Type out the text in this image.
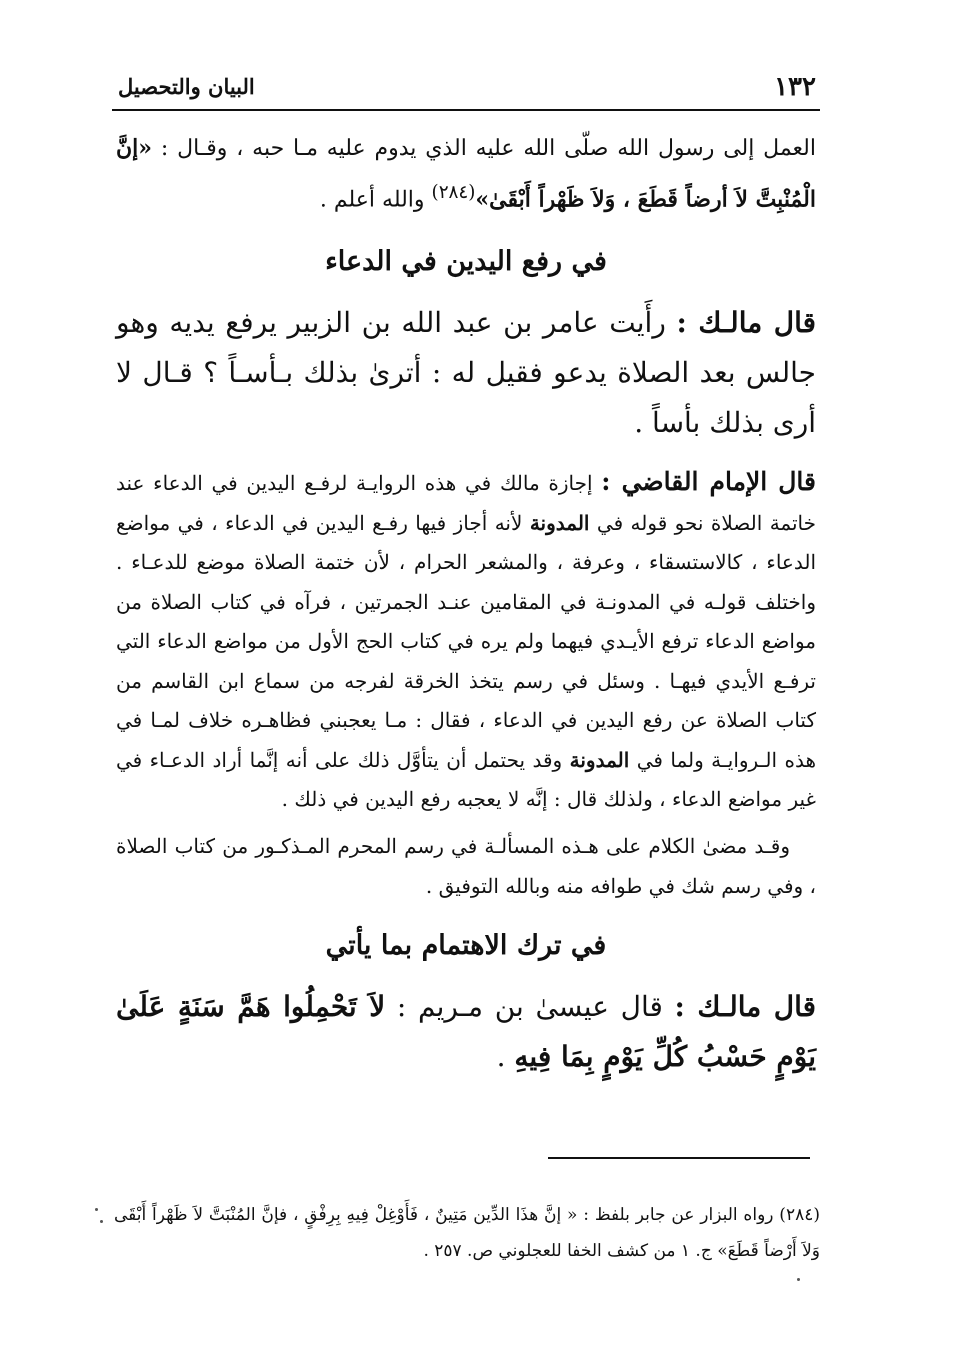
١٣٢
البيان والتحصيل

العمل إلى رسول الله صلّى الله عليه الذي يدوم عليه مـا حبه ، وقـال : «إنَّ الْمُنْبِتَّ لاَ أرضاً قَطَعَ ، وَلاَ ظَهْراً أَبْقَىٰ»$^{(٢٨٤)}$ والله أعلم .

في رفع اليدين في الدعاء

قال مالـك : رأَيت عامر بن عبد الله بن الزبير يرفع يديه وهو جالس بعد الصلاة يدعو فقيل له : أترىٰ بذلك بـأسـاً ؟ قـال لا أرى بذلك بأساً .

قال الإمام القاضي : إجازة مالك في هذه الروايـة لرفـع اليدين في الدعاء عند خاتمة الصلاة نحو قوله في المدونة لأنه أجاز فيها رفـع اليدين في الدعاء ، في مواضع الدعاء ، كالاستسقاء ، وعرفة ، والمشعر الحرام ، لأن ختمة الصلاة موضع للدعـاء . واختلف قولـه في المدونـة في المقامين عنـد الجمرتين ، فرآه في كتاب الصلاة من مواضع الدعاء ترفع الأيـدي فيهما ولم يره في كتاب الحج الأول من مواضع الدعاء التي ترفـع الأيدي فيهـا . وسئل في رسم يتخذ الخرقة لفرجه من سماع ابن القاسم من كتاب الصلاة عن رفع اليدين في الدعاء ، فقال : مـا يعجبني فظاهـره خلاف لمـا في هذه الـروايـة ولما في المدونة وقد يحتمل أن يتأوَّل ذلك على أنه إنَّما أراد الدعـاء في غير مواضع الدعاء ، ولذلك قال : إنَّه لا يعجبه رفع اليدين في ذلك .

وقـد مضىٰ الكلام على هـذه المسألـة في رسم المحرم المـذكـور من كتاب الصلاة ، وفي رسم شك في طوافه منه وبالله التوفيق .

في ترك الاهتمام بما يأتي

قال مالـك : قال عيسىٰ بن مـريم : لاَ تَحْمِلُوا هَمَّ سَنَةٍ عَلَىٰ يَوْمٍ حَسْبُ كُلِّ يَوْمٍ بِمَا فِيهِ .

(٢٨٤) رواه البزار عن جابر بلفظ : « إنَّ هذَا الدِّين مَتِينٌ ، فَأَوْغِلْ فِيهِ بِرِفْقٍ ، فإنَّ المُنْبَتَّ لاَ ظَهْراً أَبْقَى وَلاَ أَرْضاً قَطَعَ» ج. ١ من كشف الخفا للعجلوني ص. ٢٥٧ .
